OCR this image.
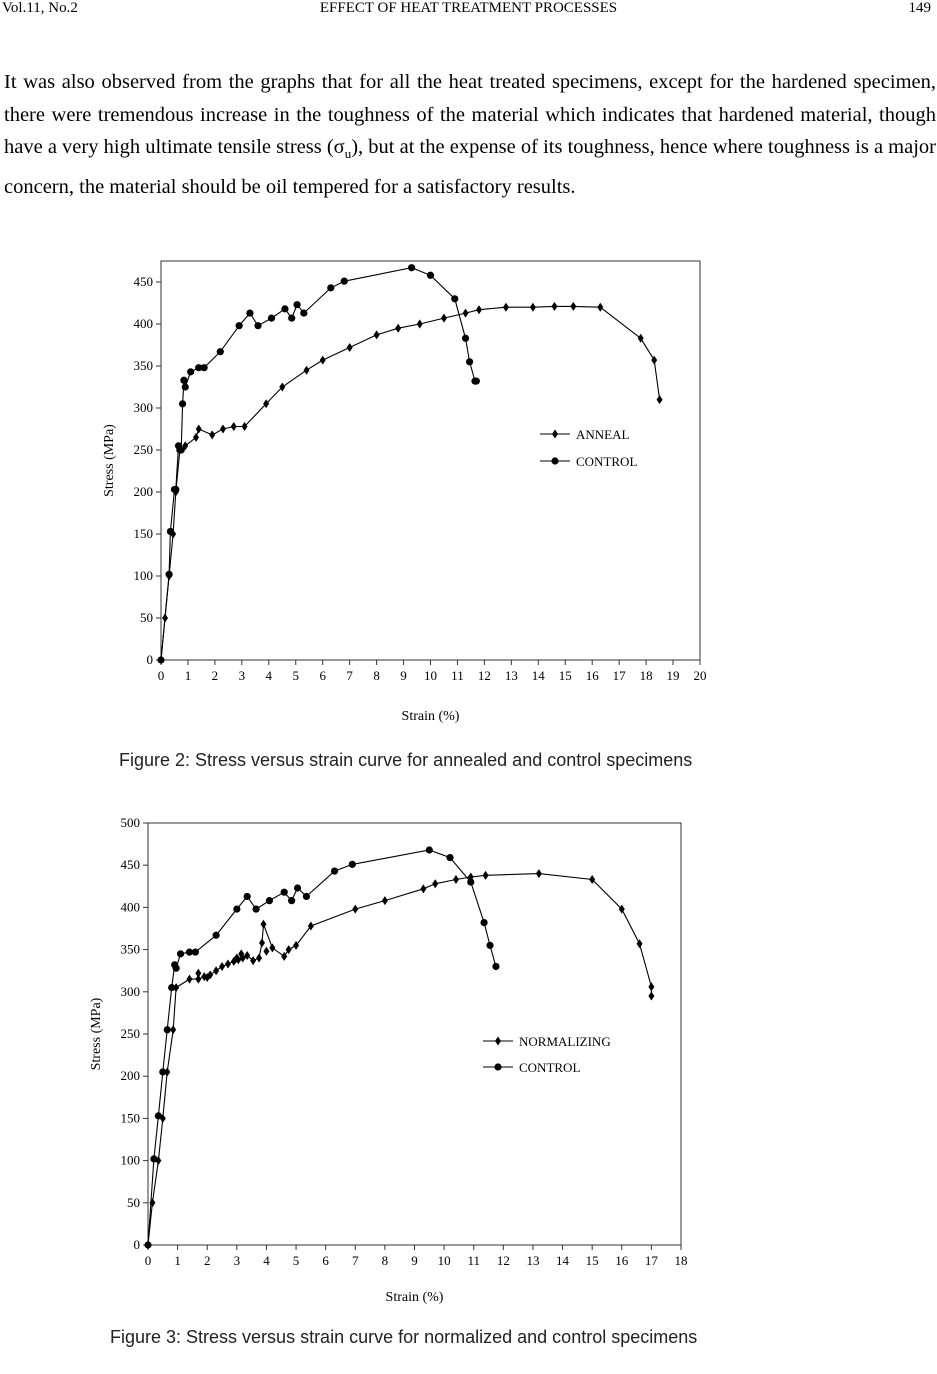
Vol.11, No.2	EFFECT OF HEAT TREATMENT PROCESSES	149
It was also observed from the graphs that for all the heat treated specimens, except for the hardened specimen, there were tremendous increase in the toughness of the material which indicates that hardened material, though have a very high ultimate tensile stress $(\sigma_u)$, but at the expense of its toughness, hence where toughness is a major concern, the material should be oil tempered for a satisfactory results.
0 1 2 3 4 5 6 7 8 9 10 11 12 13 14 15 16 17 18 19 20
0
50
100
150
200
250
300
350
400
450
Strain (%)
Stress (MPa)	ANNEAL
CONTROL
Figure 2: Stress versus strain curve for annealed and control specimens
0 1 2 3 4 5 6 7 8 9 10 11 12 13 14 15 16 17 18
0
50
100
150
200
250
300
350
400
450
500
Strain (%)
Stress (MPa)	NORMALIZING
CONTROL
Figure 3: Stress versus strain curve for normalized and control specimens
